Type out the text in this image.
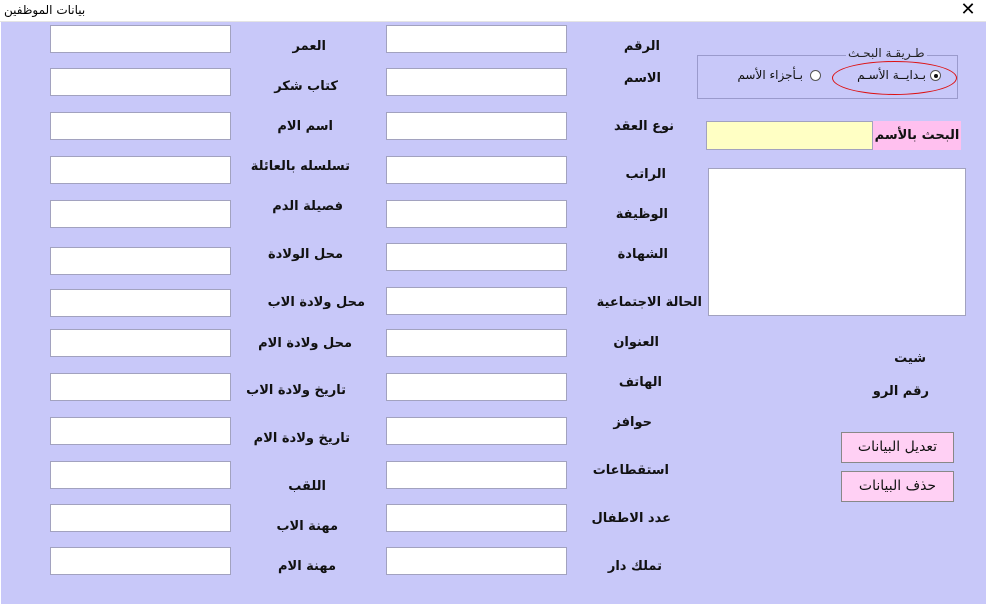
بيانات الموظفين	✕
العمر
كتاب شكر
اسم الام
تسلسله بالعائلة
فصيلة الدم
محل الولادة
محل ولادة الاب
محل ولادة الام
تاريخ ولادة الاب
تاريخ ولادة الام
اللقب
مهنة الاب
مهنة الام
الرقم
الاسم
نوع العقد
الراتب
الوظيفة
الشهادة
الحالة الاجتماعية
العنوان
الهاتف
حوافز
استقطاعات
عدد الاطفال
تملك دار
طـريقـة البحـث
بـدايــة الأسـم
بـأجزاء الأسم
البحث بالأسم
شيت
رقم الرو
تعديل البيانات
حذف البيانات
